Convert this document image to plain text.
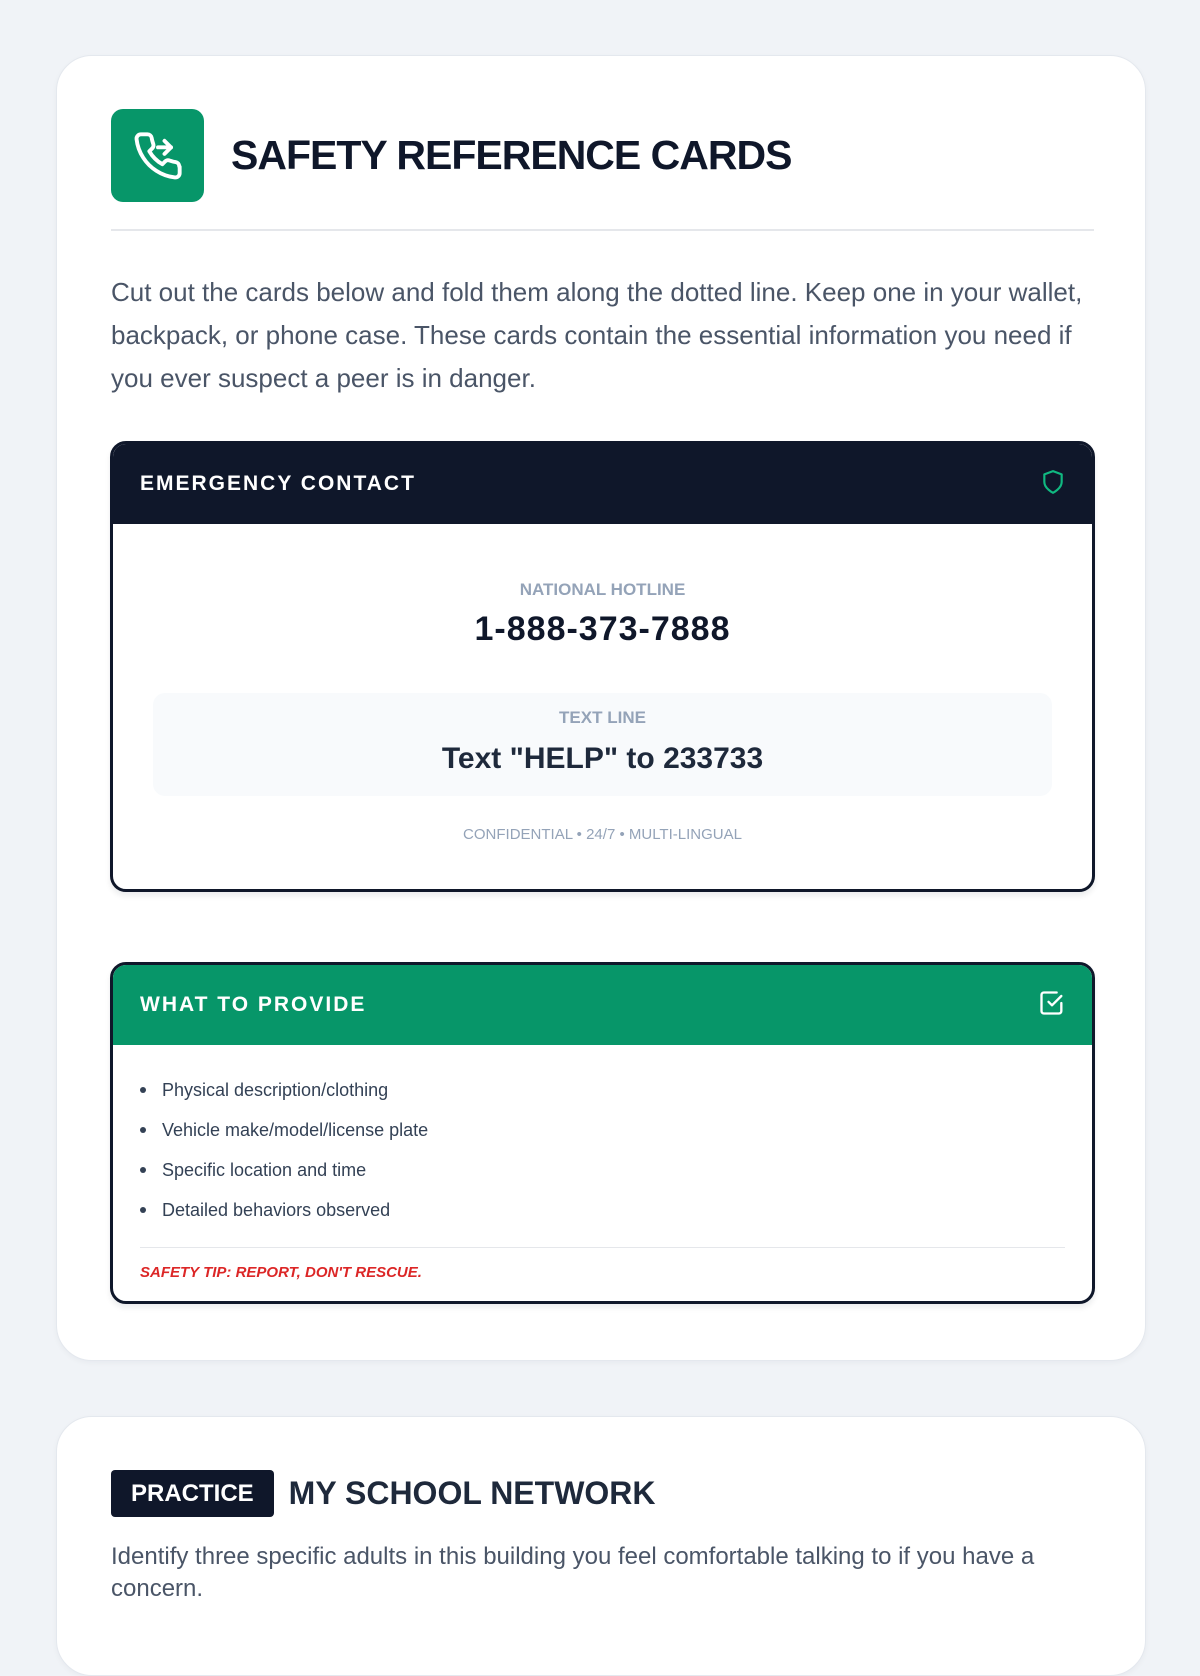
SAFETY REFERENCE CARDS

Cut out the cards below and fold them along the dotted line. Keep one in your wallet, backpack, or phone case. These cards contain the essential information you need if you ever suspect a peer is in danger.

EMERGENCY CONTACT
NATIONAL HOTLINE
1-888-373-7888
TEXT LINE
Text "HELP" to 233733
CONFIDENTIAL • 24/7 • MULTI-LINGUAL
WHAT TO PROVIDE
Physical description/clothing
Vehicle make/model/license plate
Specific location and time
Detailed behaviors observed
SAFETY TIP: REPORT, DON'T RESCUE.
PRACTICE	MY SCHOOL NETWORK

Identify three specific adults in this building you feel comfortable talking to if you have a concern.
